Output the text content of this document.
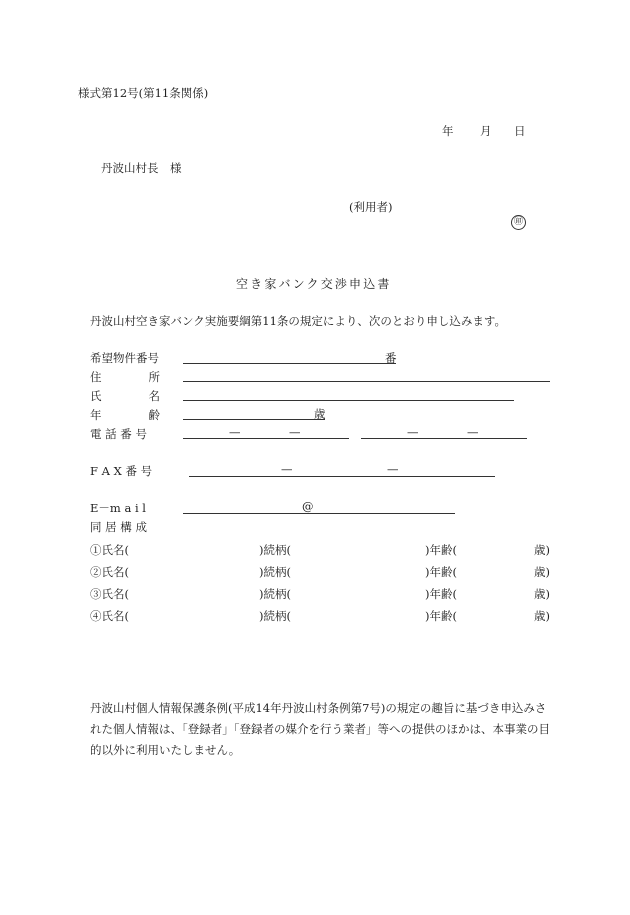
様式第12号(第11条関係)
年 月 日
丹波山村長　様
(利用者)
㊞
空き家バンク交渉申込書
丹波山村空き家バンク実施要綱第11条の規定により、次のとおり申し込みます。
希望物件番号	番
住　所
氏　名
年　齢	歳
電 話 番 号	—	—	—	—
F A X 番 号	—	—
E－m a i l	@
同 居 構 成
①氏名(	)続柄(	)年齢(	歳)
②氏名(	)続柄(	)年齢(	歳)
③氏名(	)続柄(	)年齢(	歳)
④氏名(	)続柄(	)年齢(	歳)
丹波山村個人情報保護条例(平成14年丹波山村条例第7号)の規定の趣旨に基づき申込みされた個人情報は、「登録者」「登録者の媒介を行う業者」等への提供のほかは、本事業の目的以外に利用いたしません。
